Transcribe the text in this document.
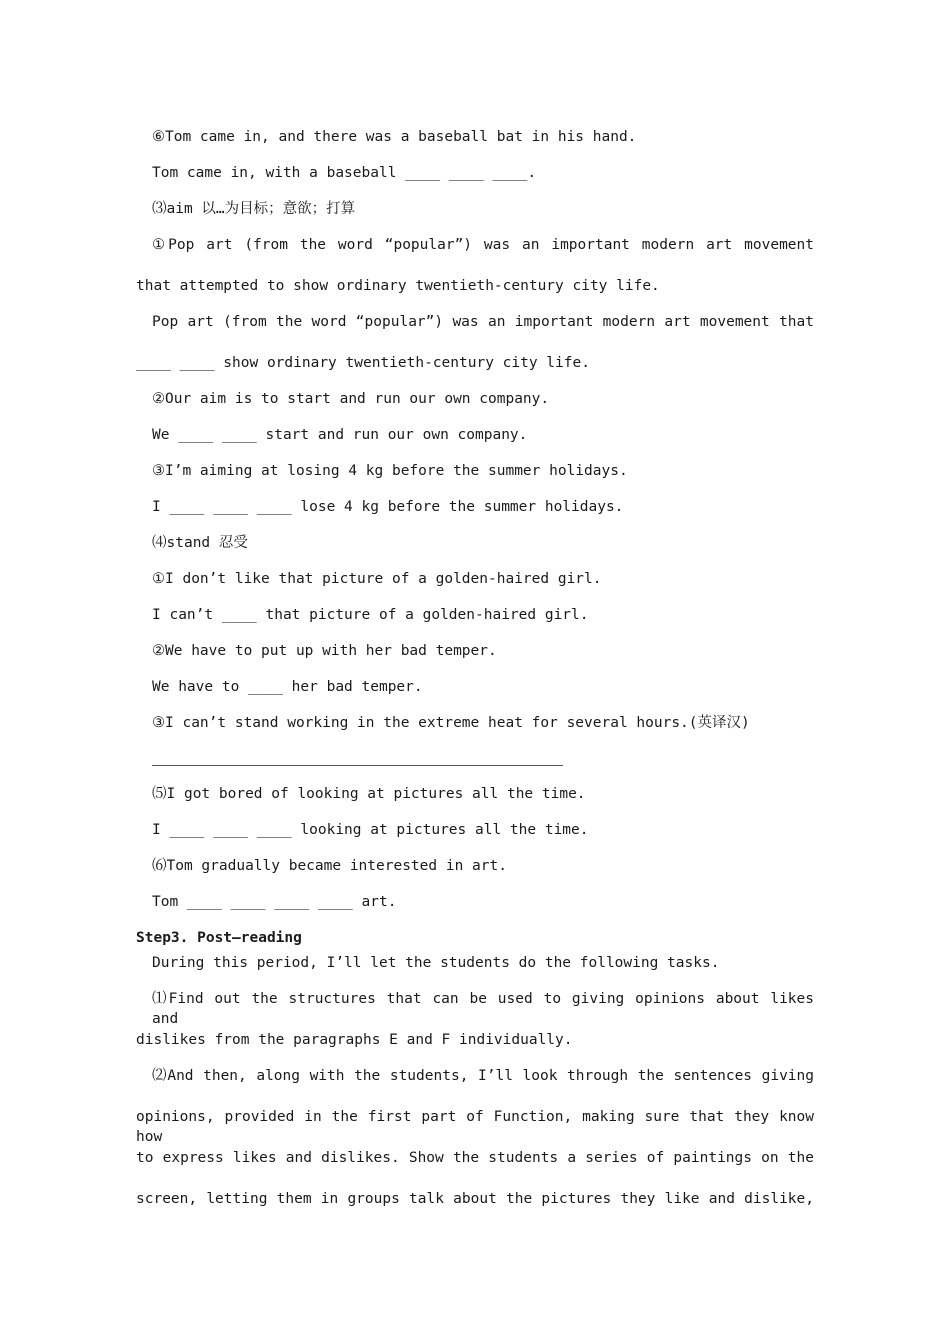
⑥Tom came in, and there was a baseball bat in his hand.
Tom came in, with a baseball ____ ____ ____.
⑶aim 以…为目标；意欲；打算
①Pop art (from the word “popular”) was an important modern art movement
that attempted to show ordinary twentieth-century city life.
Pop art (from the word “popular”) was an important modern art movement that
____ ____ show ordinary twentieth-century city life.
②Our aim is to start and run our own company.
We ____ ____ start and run our own company.
③I’m aiming at losing 4 kg before the summer holidays.
I ____ ____ ____ lose 4 kg before the summer holidays.
⑷stand 忍受
①I don’t like that picture of a golden-haired girl.
I can’t ____ that picture of a golden-haired girl.
②We have to put up with her bad temper.
We have to ____ her bad temper.
③I can’t stand working in the extreme heat for several hours.(英译汉)
⑸I got bored of looking at pictures all the time.
I ____ ____ ____ looking at pictures all the time.
⑹Tom gradually became interested in art.
Tom ____ ____ ____ ____ art.
Step3. Post—reading
During this period, I’ll let the students do the following tasks.
⑴Find out the structures that can be used to giving opinions about likes and
dislikes from the paragraphs E and F individually.
⑵And then, along with the students, I’ll look through the sentences giving
opinions, provided in the first part of Function, making sure that they know how
to express likes and dislikes. Show the students a series of paintings on the
screen, letting them in groups talk about the pictures they like and dislike,
